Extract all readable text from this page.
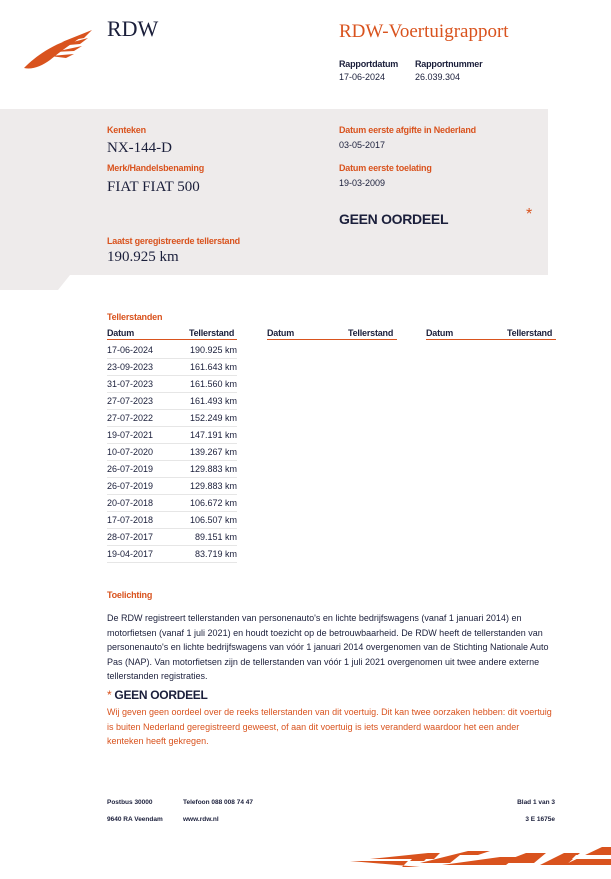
RDW	RDW-Voertuigrapport
Rapportdatum
17-06-2024
Rapportnummer
26.039.304
Kenteken
NX-144-D
Merk/Handelsbenaming
FIAT FIAT 500
Datum eerste afgifte in Nederland
03-05-2017
Datum eerste toelating
19-03-2009
GEEN OORDEEL	*
Laatst geregistreerde tellerstand
190.925 km
Tellerstanden
Datum	Tellerstand	Datum	Tellerstand	Datum	Tellerstand
17-06-2024	190.925 km
23-09-2023	161.643 km
31-07-2023	161.560 km
27-07-2023	161.493 km
27-07-2022	152.249 km
19-07-2021	147.191 km
10-07-2020	139.267 km
26-07-2019	129.883 km
26-07-2019	129.883 km
20-07-2018	106.672 km
17-07-2018	106.507 km
28-07-2017	89.151 km
19-04-2017	83.719 km
Toelichting
De RDW registreert tellerstanden van personenauto's en lichte bedrijfswagens (vanaf 1 januari 2014) en motorfietsen (vanaf 1 juli 2021) en houdt toezicht op de betrouwbaarheid. De RDW heeft de tellerstanden van personenauto's en lichte bedrijfswagens van vóór 1 januari 2014 overgenomen van de Stichting Nationale Auto Pas (NAP). Van motorfietsen zijn de tellerstanden van vóór 1 juli 2021 overgenomen uit twee andere externe tellerstanden registraties.
* GEEN OORDEEL
Wij geven geen oordeel over de reeks tellerstanden van dit voertuig. Dit kan twee oorzaken hebben: dit voertuig is buiten Nederland geregistreerd geweest, of aan dit voertuig is iets veranderd waardoor het een ander kenteken heeft gekregen.
Postbus 30000
9640 RA Veendam
Telefoon 088 008 74 47
www.rdw.nl
Blad 1 van 3
3 E 1675e
